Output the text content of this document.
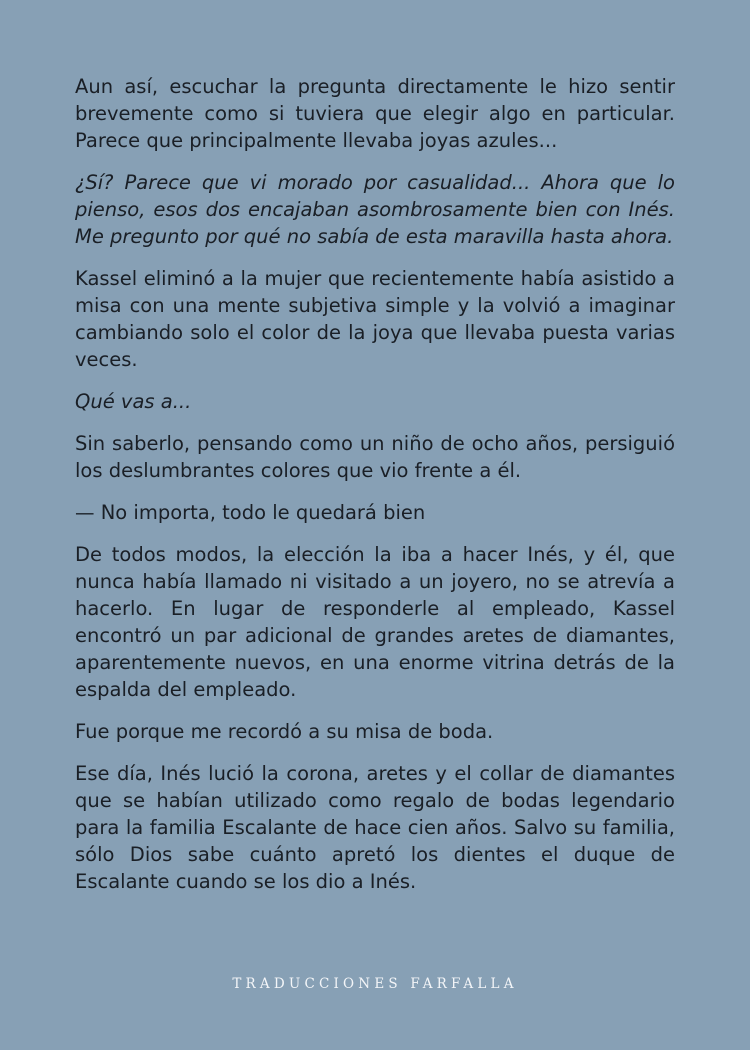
Aun así, escuchar la pregunta directamente le hizo sentir brevemente como si tuviera que elegir algo en particular. Parece que principalmente llevaba joyas azules...

¿Sí? Parece que vi morado por casualidad... Ahora que lo pienso, esos dos encajaban asombrosamente bien con Inés. Me pregunto por qué no sabía de esta maravilla hasta ahora.

Kassel eliminó a la mujer que recientemente había asistido a misa con una mente subjetiva simple y la volvió a imaginar cambiando solo el color de la joya que llevaba puesta varias veces.

Qué vas a...

Sin saberlo, pensando como un niño de ocho años, persiguió los deslumbrantes colores que vio frente a él.

— No importa, todo le quedará bien

De todos modos, la elección la iba a hacer Inés, y él, que nunca había llamado ni visitado a un joyero, no se atrevía a hacerlo. En lugar de responderle al empleado, Kassel encontró un par adicional de grandes aretes de diamantes, aparentemente nuevos, en una enorme vitrina detrás de la espalda del empleado.

Fue porque me recordó a su misa de boda.

Ese día, Inés lució la corona, aretes y el collar de diamantes que se habían utilizado como regalo de bodas legendario para la familia Escalante de hace cien años. Salvo su familia, sólo Dios sabe cuánto apretó los dientes el duque de Escalante cuando se los dio a Inés.

TRADUCCIONES FARFALLA
